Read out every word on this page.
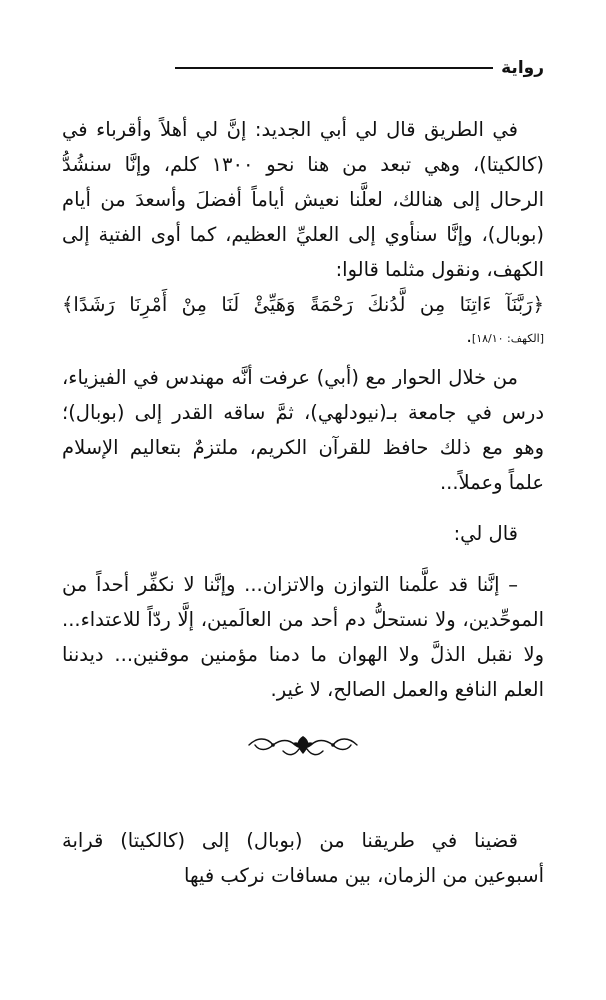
رواية

في الطريق قال لي أبي الجديد: إنَّ لي أهلاً وأقرباء في (كالكيتا)، وهي تبعد من هنا نحو ١٣٠٠ كلم، وإنَّا سنشُدُّ الرحال إلى هنالك، لعلَّنا نعيش أياماً أفضلَ وأسعدَ من أيام (بوبال)، وإنَّا سنأوي إلى العليِّ العظيم، كما أوى الفتية إلى الكهف، ونقول مثلما قالوا:

﴿رَبَّنَآ ءَاتِنَا مِن لَّدُنكَ رَحْمَةً وَهَيِّئْ لَنَا مِنْ أَمْرِنَا رَشَدًا﴾

[الكهف: ١٨/١٠].

من خلال الحوار مع (أبي) عرفت أنَّه مهندس في الفيزياء، درس في جامعة بـ(نيودلهي)، ثمَّ ساقه القدر إلى (بوبال)؛ وهو مع ذلك حافظ للقرآن الكريم، ملتزمٌ بتعاليم الإسلام علماً وعملاً...

قال لي:

– إنَّنا قد علَّمنا التوازن والاتزان... وإنَّنا لا نكفِّر أحداً من الموحِّدين، ولا نستحلُّ دم أحد من العالَمين، إلَّا ردّاً للاعتداء... ولا نقبل الذلَّ ولا الهوان ما دمنا مؤمنين موقنين... ديدننا العلم النافع والعمل الصالح، لا غير.

قضينا في طريقنا من (بوبال) إلى (كالكيتا) قرابة أسبوعين من الزمان، بين مسافات نركب فيها
